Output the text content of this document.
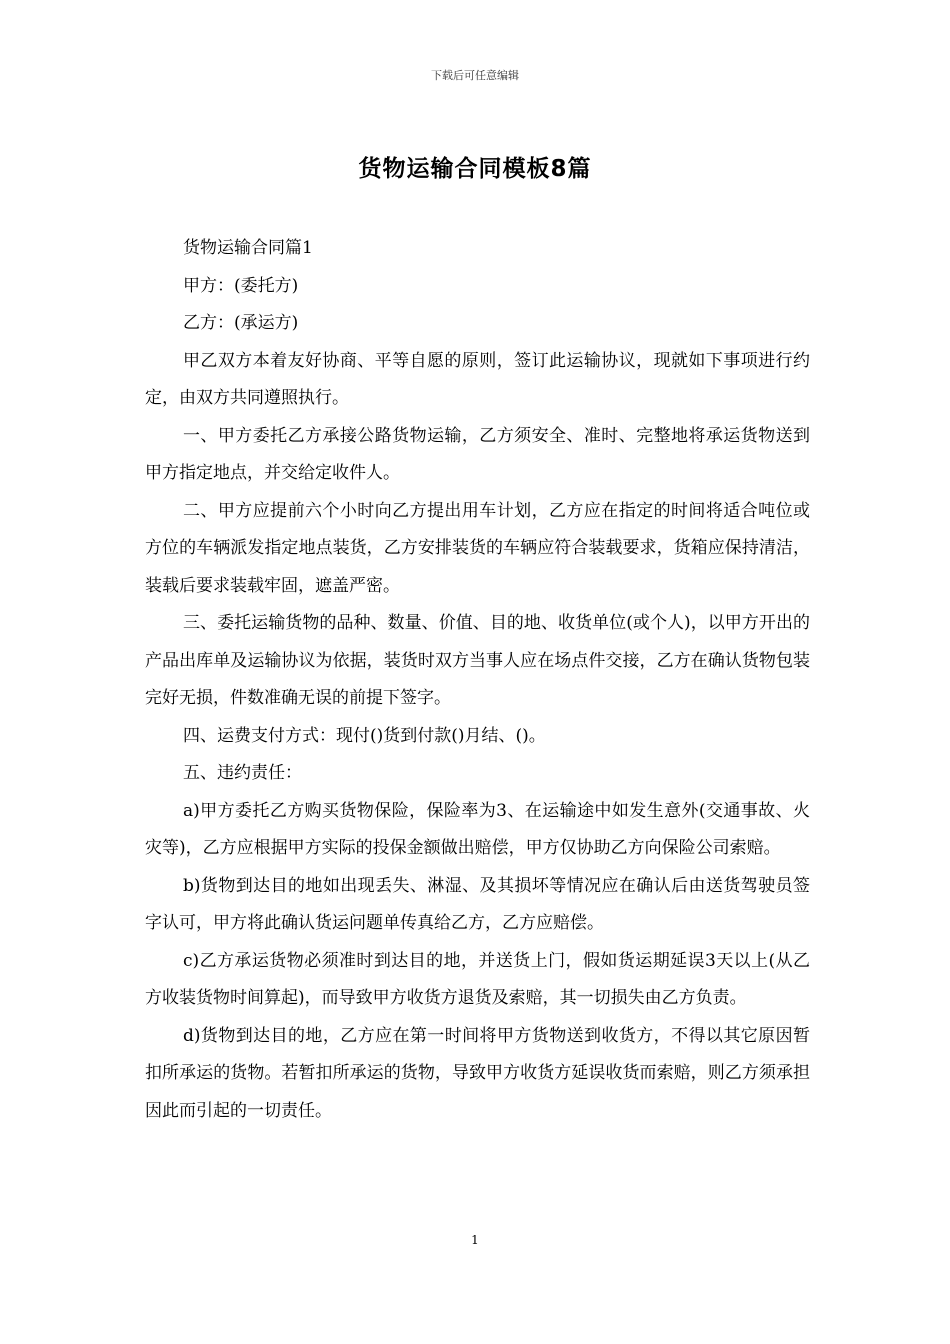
下载后可任意编辑
货物运输合同模板8篇

货物运输合同篇1

甲方：(委托方)

乙方：(承运方)

甲乙双方本着友好协商、平等自愿的原则，签订此运输协议，现就如下事项进行约定，由双方共同遵照执行。

一、甲方委托乙方承接公路货物运输，乙方须安全、准时、完整地将承运货物送到甲方指定地点，并交给定收件人。

二、甲方应提前六个小时向乙方提出用车计划，乙方应在指定的时间将适合吨位或方位的车辆派发指定地点装货，乙方安排装货的车辆应符合装载要求，货箱应保持清洁，装载后要求装载牢固，遮盖严密。

三、委托运输货物的品种、数量、价值、目的地、收货单位(或个人)，以甲方开出的产品出库单及运输协议为依据，装货时双方当事人应在场点件交接，乙方在确认货物包装完好无损，件数准确无误的前提下签字。

四、运费支付方式：现付()货到付款()月结、()。

五、违约责任：

a)甲方委托乙方购买货物保险，保险率为3、在运输途中如发生意外(交通事故、火灾等)，乙方应根据甲方实际的投保金额做出赔偿，甲方仅协助乙方向保险公司索赔。

b)货物到达目的地如出现丢失、淋湿、及其损坏等情况应在确认后由送货驾驶员签字认可，甲方将此确认货运问题单传真给乙方，乙方应赔偿。

c)乙方承运货物必须准时到达目的地，并送货上门，假如货运期延误3天以上(从乙方收装货物时间算起)，而导致甲方收货方退货及索赔，其一切损失由乙方负责。

d)货物到达目的地，乙方应在第一时间将甲方货物送到收货方，不得以其它原因暂扣所承运的货物。若暂扣所承运的货物，导致甲方收货方延误收货而索赔，则乙方须承担因此而引起的一切责任。

1
